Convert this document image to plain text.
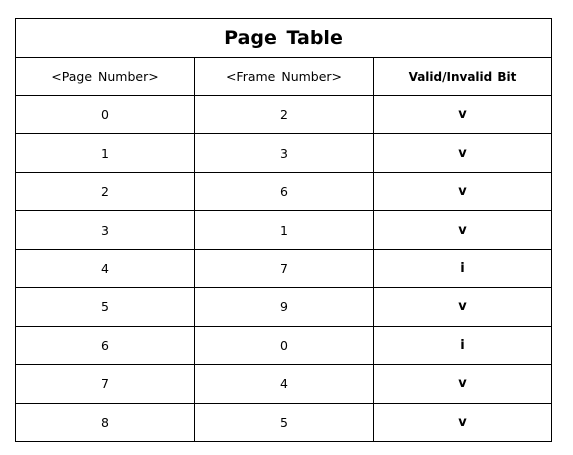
Page Table
<Page Number>	<Frame Number>	Valid/Invalid Bit
0	2	v
1	3	v
2	6	v
3	1	v
4	7	i
5	9	v
6	0	i
7	4	v
8	5	v
